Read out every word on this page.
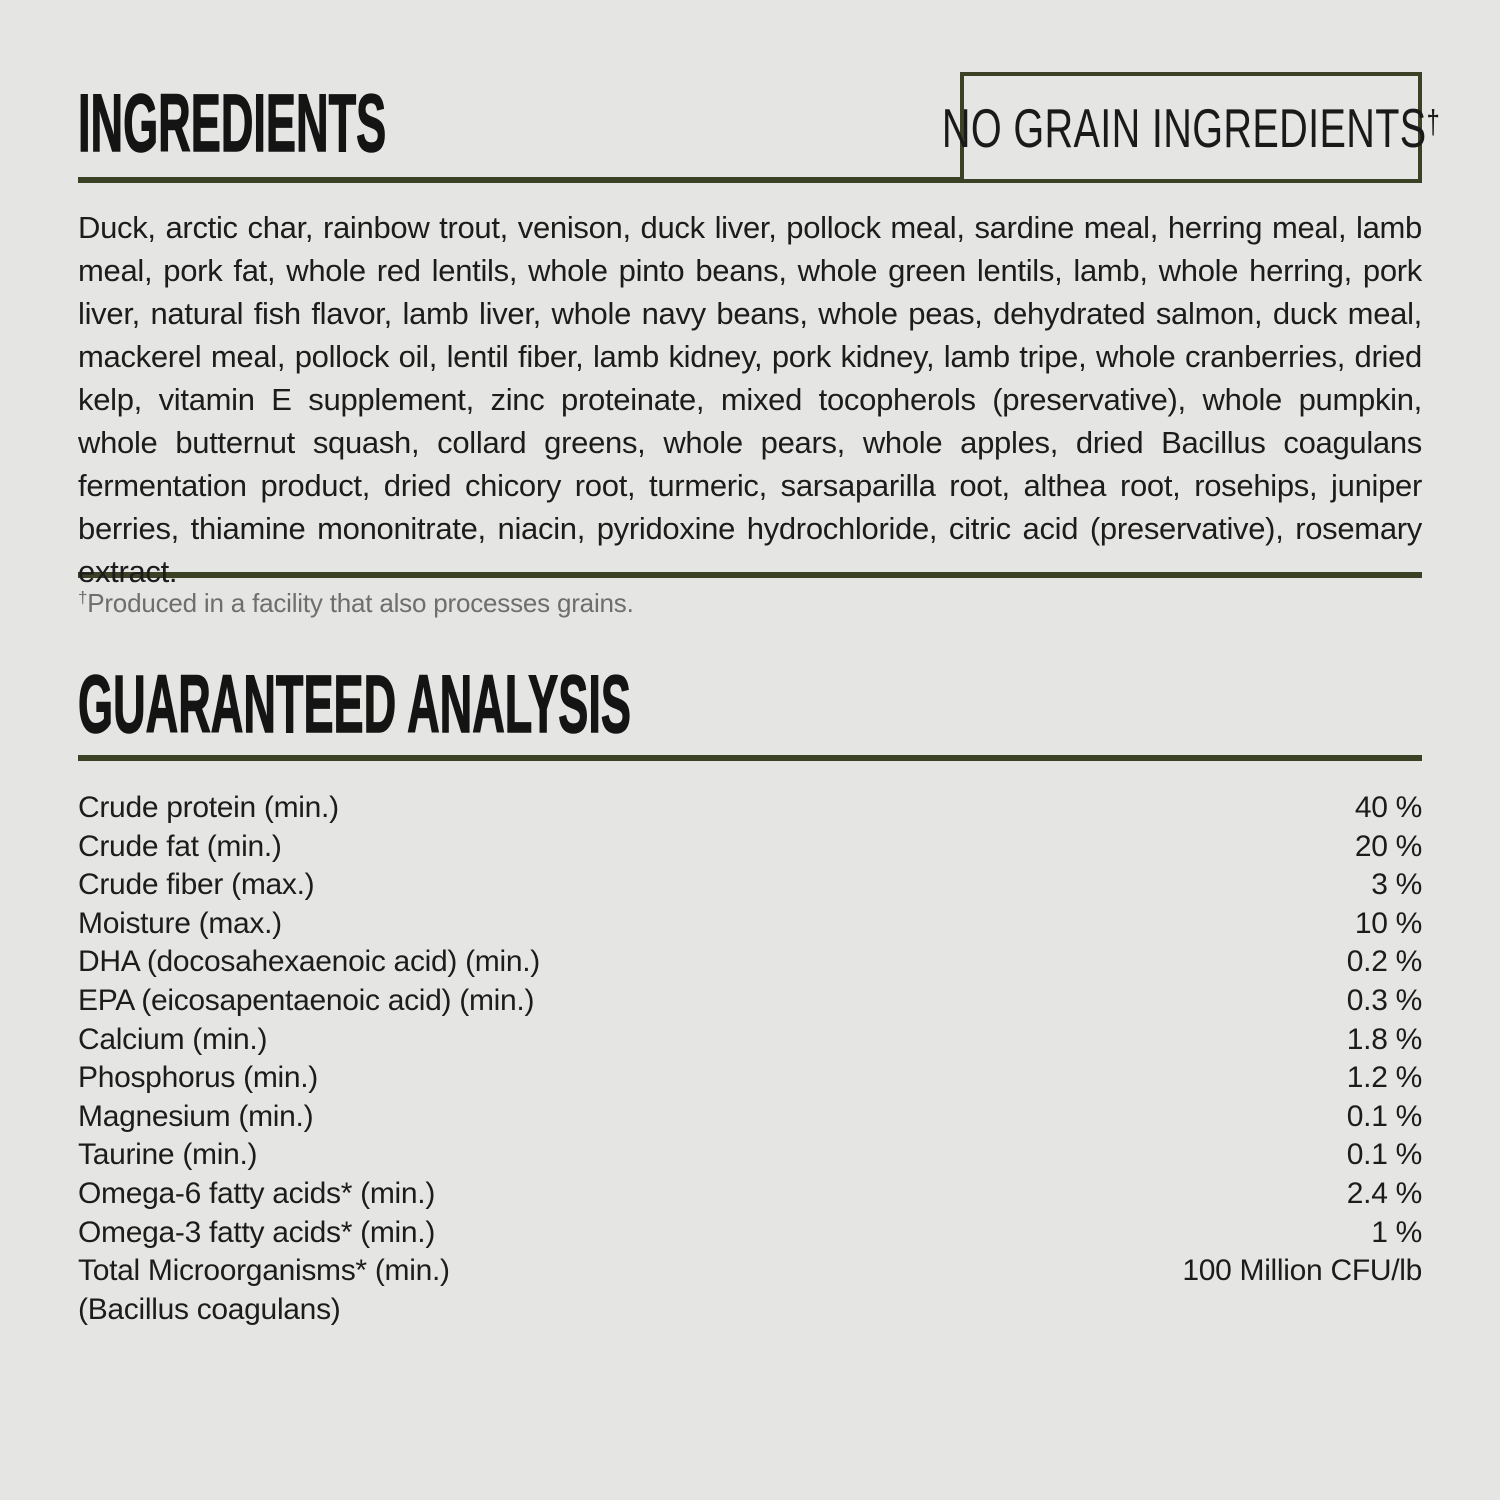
INGREDIENTS	NO GRAIN INGREDIENTS†

Duck, arctic char, rainbow trout, venison, duck liver, pollock meal, sardine meal, herring meal, lamb meal, pork fat, whole red lentils, whole pinto beans, whole green lentils, lamb, whole herring, pork liver, natural fish flavor, lamb liver, whole navy beans, whole peas, dehydrated salmon, duck meal, mackerel meal, pollock oil, lentil fiber, lamb kidney, pork kidney, lamb tripe, whole cranberries, dried kelp, vitamin E supplement, zinc proteinate, mixed tocopherols (preservative), whole pumpkin, whole butternut squash, collard greens, whole pears, whole apples, dried Bacillus coagulans fermentation product, dried chicory root, turmeric, sarsaparilla root, althea root, rosehips, juniper berries, thiamine mononitrate, niacin, pyridoxine hydrochloride, citric acid (preservative), rosemary extract.

†Produced in a facility that also processes grains.

GUARANTEED ANALYSIS
Crude protein (min.)	40 %
Crude fat (min.)	20 %
Crude fiber (max.)	3 %
Moisture (max.)	10 %
DHA (docosahexaenoic acid) (min.)	0.2 %
EPA (eicosapentaenoic acid) (min.)	0.3 %
Calcium (min.)	1.8 %
Phosphorus (min.)	1.2 %
Magnesium (min.)	0.1 %
Taurine (min.)	0.1 %
Omega-6 fatty acids* (min.)	2.4 %
Omega-3 fatty acids* (min.)	1 %
Total Microorganisms* (min.)	100 Million CFU/lb
(Bacillus coagulans)
